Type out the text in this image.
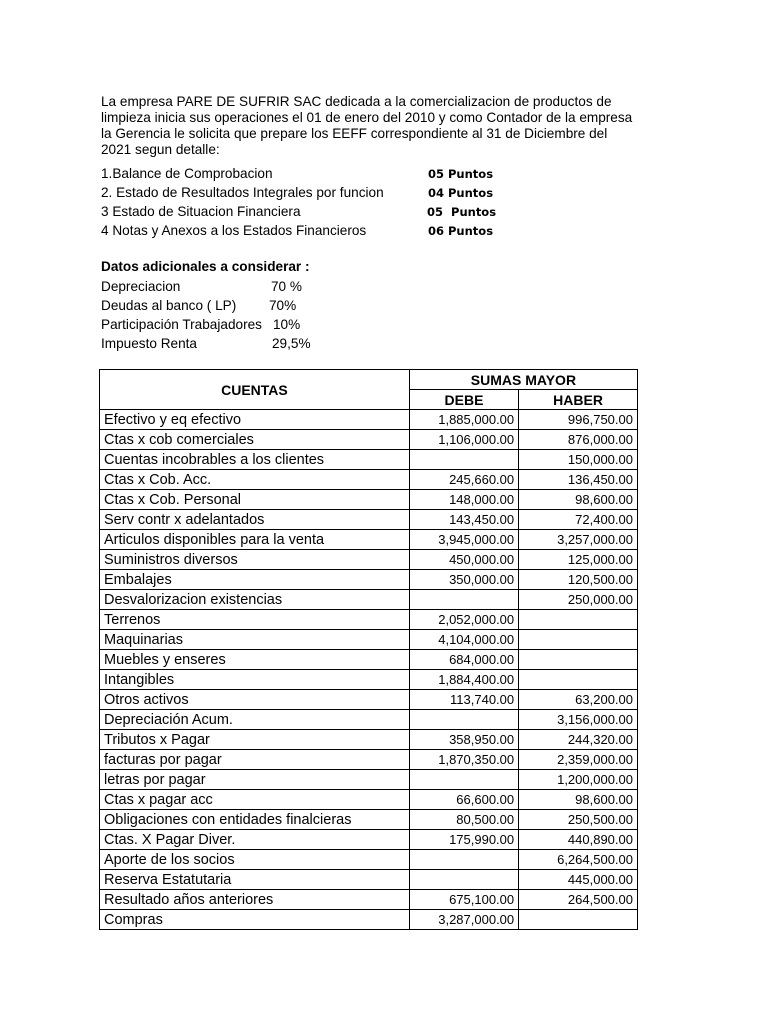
La empresa PARE DE SUFRIR SAC dedicada a la comercializacion de productos de limpieza inicia sus operaciones el 01 de enero del 2010 y como Contador de la empresa la Gerencia le solicita que prepare los EEFF correspondiente al 31 de Diciembre del 2021 segun detalle:

1.Balance de Comprobacion	05 Puntos
2. Estado de Resultados Integrales por funcion	04 Puntos
3 Estado de Situacion Financiera	05  Puntos
4 Notas y Anexos a los Estados Financieros	06 Puntos
Datos adicionales a considerar :
Depreciacion	70 %
Deudas al banco ( LP) 70%
Participación Trabajadores 10%
Impuesto Renta	29,5%
CUENTAS	SUMAS MAYOR	
	DEBE	HABER
Efectivo y eq efectivo	1,885,000.00	996,750.00
Ctas x cob comerciales	1,106,000.00	876,000.00
Cuentas incobrables a los clientes		150,000.00
Ctas x Cob. Acc.	245,660.00	136,450.00
Ctas x Cob. Personal	148,000.00	98,600.00
Serv contr x adelantados	143,450.00	72,400.00
Articulos disponibles para la venta	3,945,000.00	3,257,000.00
Suministros diversos	450,000.00	125,000.00
Embalajes	350,000.00	120,500.00
Desvalorizacion existencias		250,000.00
Terrenos	2,052,000.00	
Maquinarias	4,104,000.00	
Muebles y enseres	684,000.00	
Intangibles	1,884,400.00	
Otros activos	113,740.00	63,200.00
Depreciación Acum.		3,156,000.00
Tributos x Pagar	358,950.00	244,320.00
facturas por pagar	1,870,350.00	2,359,000.00
letras por pagar		1,200,000.00
Ctas x pagar acc	66,600.00	98,600.00
Obligaciones con entidades finalcieras	80,500.00	250,500.00
Ctas. X Pagar Diver.	175,990.00	440,890.00
Aporte de los socios		6,264,500.00
Reserva Estatutaria		445,000.00
Resultado años anteriores	675,100.00	264,500.00
Compras	3,287,000.00	
